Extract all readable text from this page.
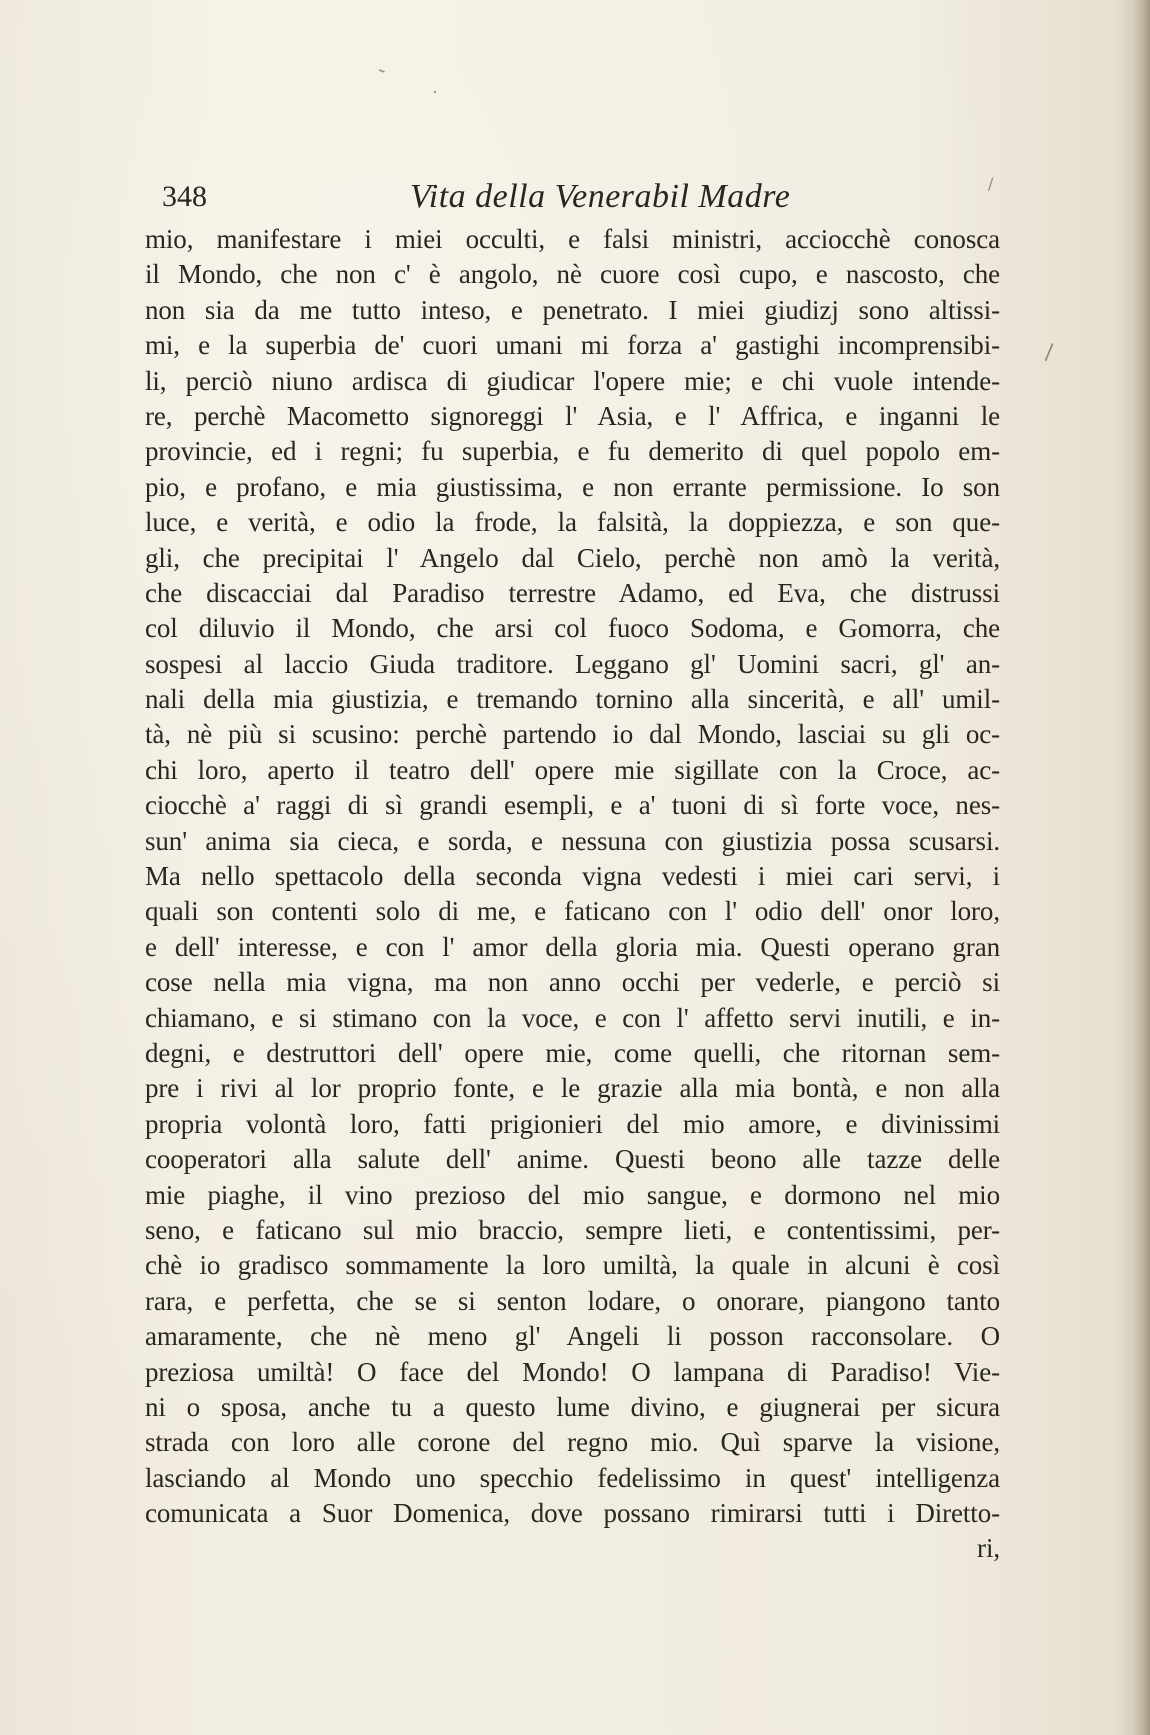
-
·
\
/
348	Vita della Venerabil Madre
mio, manifestare i miei occulti, e falsi ministri, acciocchè conosca
il Mondo, che non c' è angolo, nè cuore così cupo, e nascosto, che
non sia da me tutto inteso, e penetrato. I miei giudizj sono altissi-
mi, e la superbia de' cuori umani mi forza a' gastighi incomprensibi-
li, perciò niuno ardisca di giudicar l'opere mie; e chi vuole intende-
re, perchè Macometto signoreggi l' Asia, e l' Affrica, e inganni le
provincie, ed i regni; fu superbia, e fu demerito di quel popolo em-
pio, e profano, e mia giustissima, e non errante permissione. Io son
luce, e verità, e odio la frode, la falsità, la doppiezza, e son que-
gli, che precipitai l' Angelo dal Cielo, perchè non amò la verità,
che discacciai dal Paradiso terrestre Adamo, ed Eva, che distrussi
col diluvio il Mondo, che arsi col fuoco Sodoma, e Gomorra, che
sospesi al laccio Giuda traditore. Leggano gl' Uomini sacri, gl' an-
nali della mia giustizia, e tremando tornino alla sincerità, e all' umil-
tà, nè più si scusino: perchè partendo io dal Mondo, lasciai su gli oc-
chi loro, aperto il teatro dell' opere mie sigillate con la Croce, ac-
ciocchè a' raggi di sì grandi esempli, e a' tuoni di sì forte voce, nes-
sun' anima sia cieca, e sorda, e nessuna con giustizia possa scusarsi.
Ma nello spettacolo della seconda vigna vedesti i miei cari servi, i
quali son contenti solo di me, e faticano con l' odio dell' onor loro,
e dell' interesse, e con l' amor della gloria mia. Questi operano gran
cose nella mia vigna, ma non anno occhi per vederle, e perciò si
chiamano, e si stimano con la voce, e con l' affetto servi inutili, e in-
degni, e destruttori dell' opere mie, come quelli, che ritornan sem-
pre i rivi al lor proprio fonte, e le grazie alla mia bontà, e non alla
propria volontà loro, fatti prigionieri del mio amore, e divinissimi
cooperatori alla salute dell' anime. Questi beono alle tazze delle
mie piaghe, il vino prezioso del mio sangue, e dormono nel mio
seno, e faticano sul mio braccio, sempre lieti, e contentissimi, per-
chè io gradisco sommamente la loro umiltà, la quale in alcuni è così
rara, e perfetta, che se si senton lodare, o onorare, piangono tanto
amaramente, che nè meno gl' Angeli li posson racconsolare. O
preziosa umiltà! O face del Mondo! O lampana di Paradiso! Vie-
ni o sposa, anche tu a questo lume divino, e giugnerai per sicura
strada con loro alle corone del regno mio. Quì sparve la visione,
lasciando al Mondo uno specchio fedelissimo in quest' intelligenza
comunicata a Suor Domenica, dove possano rimirarsi tutti i Diretto-
ri,
